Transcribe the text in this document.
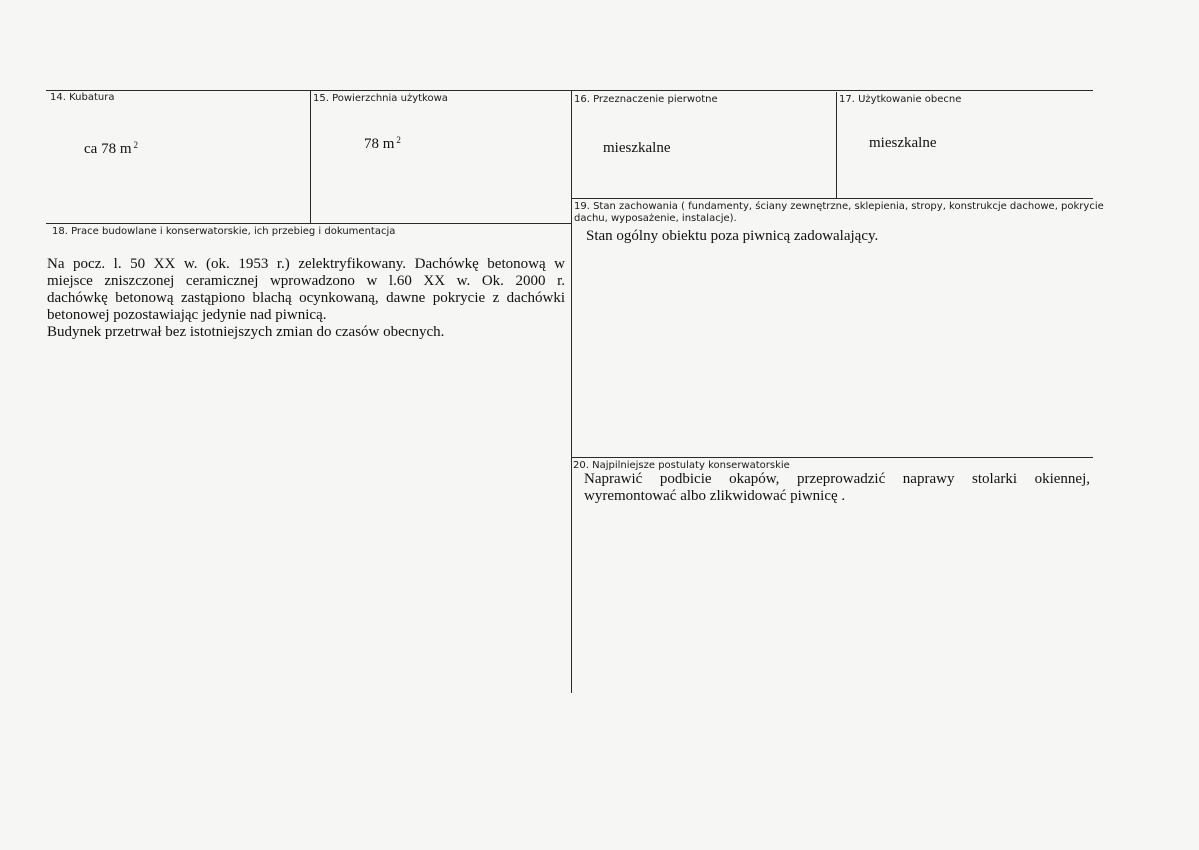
14. Kubatura
ca 78 m $^2$
15. Powierzchnia użytkowa
78 m $^2$
16. Przeznaczenie pierwotne
mieszkalne
17. Użytkowanie obecne
mieszkalne
18. Prace budowlane i konserwatorskie, ich przebieg i dokumentacja
Na pocz. l. 50 XX w. (ok. 1953 r.) zelektryfikowany. Dachówkę betonową w
miejsce zniszczonej ceramicznej wprowadzono w l.60 XX w. Ok. 2000 r.
dachówkę betonową zastąpiono blachą ocynkowaną, dawne pokrycie z dachówki
betonowej pozostawiając jedynie nad piwnicą.
Budynek przetrwał bez istotniejszych zmian do czasów obecnych.
19. Stan zachowania ( fundamenty, ściany zewnętrzne, sklepienia, stropy, konstrukcje dachowe, pokrycie
dachu, wyposażenie, instalacje).
Stan ogólny obiektu poza piwnicą zadowalający.
20. Najpilniejsze postulaty konserwatorskie
Naprawić podbicie okapów, przeprowadzić naprawy stolarki okiennej,
wyremontować albo zlikwidować piwnicę .
